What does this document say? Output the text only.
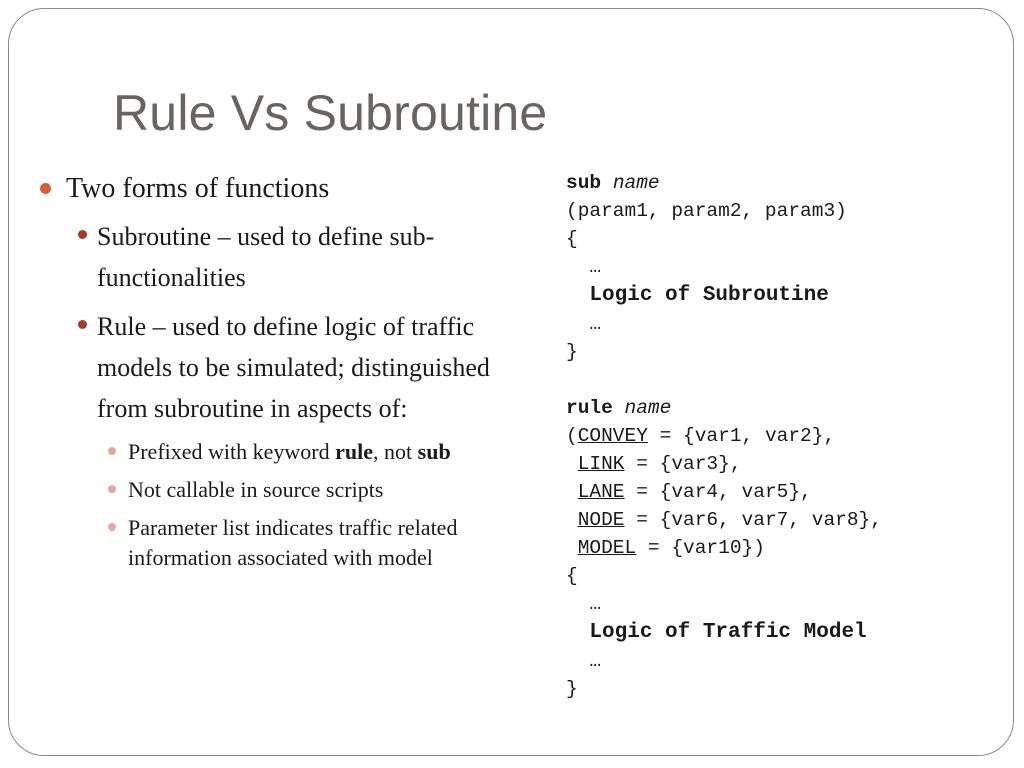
Rule Vs Subroutine
Two forms of functions
Subroutine – used to define sub-functionalities
Rule – used to define logic of traffic models to be simulated; distinguished from subroutine in aspects of:
Prefixed with keyword rule, not sub
Not callable in source scripts
Parameter list indicates traffic related information associated with model
sub name
(param1, param2, param3)
{
…
Logic of Subroutine
…
}

rule name
(CONVEY = {var1, var2},
LINK = {var3},
LANE = {var4, var5},
NODE = {var6, var7, var8},
MODEL = {var10})
{
…
Logic of Traffic Model
…
}
